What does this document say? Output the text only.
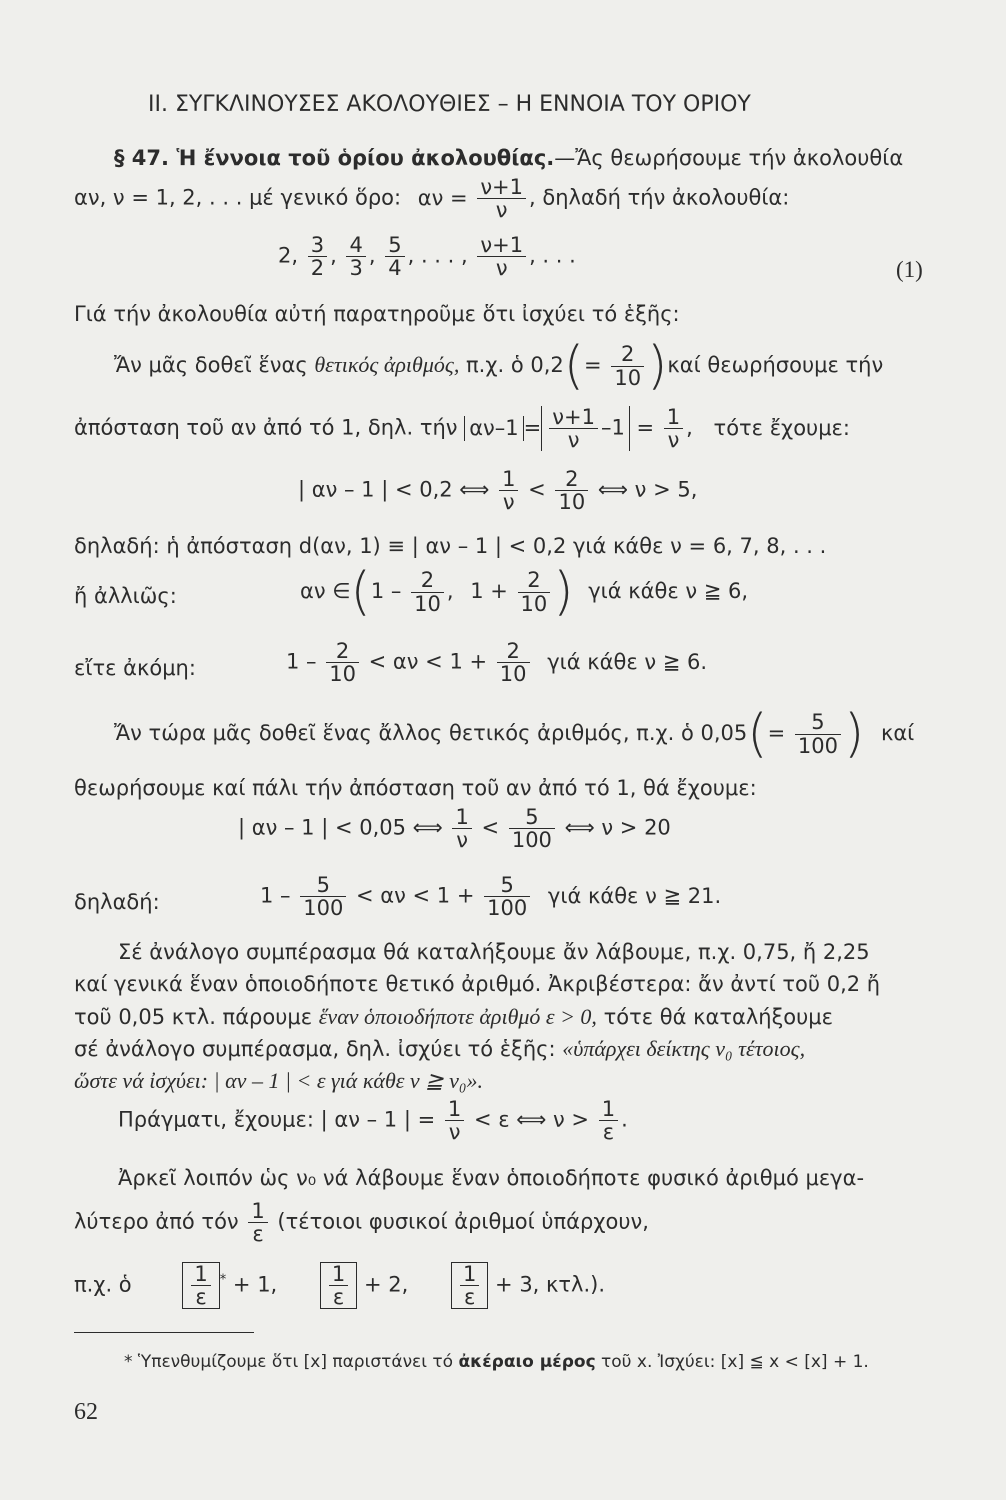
II. ΣΥΓΚΛΙΝΟΥΣΕΣ ΑΚΟΛΟΥΘΙΕΣ – Η ΕΝΝΟΙΑ ΤΟΥ ΟΡΙΟΥ
§ 47. Ἡ ἔννοια τοῦ ὁρίου ἀκολουθίας.—Ἄς θεωρήσουμε τήν ἀκολουθία
αν, ν = 1, 2, . . . μέ γενικό ὅρο: $\alpha\nu = \frac{\nu+1}{\nu}$ , δηλαδή τήν ἀκολουθία:
2, $\frac{3}{2}$ , $\frac{4}{3}$ , $\frac{5}{4}$ , . . . , $\frac{\nu+1}{\nu}$ , . . .
(1)
Γιά τήν ἀκολουθία αὐτή παρατηροῦμε ὅτι ἰσχύει τό ἑξῆς:
Ἄν μᾶς δοθεῖ ἕνας θετικός ἀριθμός, π.χ. ὁ $0,2(= \frac{2}{10} )\kappa\alpha ί$ θεωρήσουμε τήν
ἀπόσταση τοῦ αν ἀπό τό 1, δηλ. τήν $\alpha\nu-1 = \frac{\nu+1}{\nu} -1 = \frac{1}{\nu}$ , τότε ἔχουμε:
| αν – 1 | < 0,2 ⟺ $\frac{1}{\nu} < \frac{2}{10}$ ⟺ ν > 5,
δηλαδή: ἡ ἀπόσταση d(αν, 1) ≡ | αν – 1 | < 0,2 γιά κάθε ν = 6, 7, 8, . . .
ἤ ἀλλιῶς:	αν ∈(1 – $\frac{2}{10}$ , $1 + \frac{2}{10}$ ) γιά κάθε ν ≧ 6,
εἴτε ἀκόμη:	$1 - \frac{2}{10} < \alpha\nu < 1 + \frac{2}{10}$ γιά κάθε ν ≧ 6.
Ἄν τώρα μᾶς δοθεῖ ἕνας ἄλλος θετικός ἀριθμός, π.χ. ὁ $0,05(= \frac{5}{100}$ ) καί
θεωρήσουμε καί πάλι τήν ἀπόσταση τοῦ αν ἀπό τό 1, θά ἔχουμε:
| αν – 1 | < 0,05 ⟺ $\frac{1}{\nu} < \frac{5}{100}$ ⟺ ν > 20
δηλαδή:	$1 - \frac{5}{100} < \alpha\nu < 1 + \frac{5}{100}$ γιά κάθε ν ≧ 21.
Σέ ἀνάλογο συμπέρασμα θά καταλήξουμε ἄν λάβουμε, π.χ. 0,75, ἤ 2,25
καί γενικά ἕναν ὁποιοδήποτε θετικό ἀριθμό. Ἀκριβέστερα: ἄν ἀντί τοῦ 0,2 ἤ
τοῦ 0,05 κτλ. πάρουμε ἕναν ὁποιοδήποτε ἀριθμό ε > 0, τότε θά καταλήξουμε
σέ ἀνάλογο συμπέρασμα, δηλ. ἰσχύει τό ἑξῆς: «ὑπάρχει δείκτης ν₀ τέτοιος,
ὥστε νά ἰσχύει: | αν – 1 | < ε γιά κάθε ν ≧ ν₀».
Πράγματι, ἔχουμε: | αν – 1 | = $\frac{1}{\nu} < \varepsilon$ ⟺ $\nu > \frac{1}{\varepsilon}$ .
Ἀρκεῖ λοιπόν ὡς ν₀ νά λάβουμε ἕναν ὁποιοδήποτε φυσικό ἀριθμό μεγα-
λύτερο ἀπό τόν $\frac{1}{\varepsilon} (\tau έ\tau o\iota o\iota$ φυσικοί ἀριθμοί ὑπάρχουν,
π.χ. ὁ	$\frac{1}{\varepsilon} ^* + 1$, $\frac{1}{\varepsilon} + 2$, $\frac{1}{\varepsilon} + 3$, κτλ.).
* Ὑπενθυμίζουμε ὅτι [x] παριστάνει τό ἀκέραιο μέρος τοῦ x. Ἰσχύει: [x] ≦ x < [x] + 1.
62
